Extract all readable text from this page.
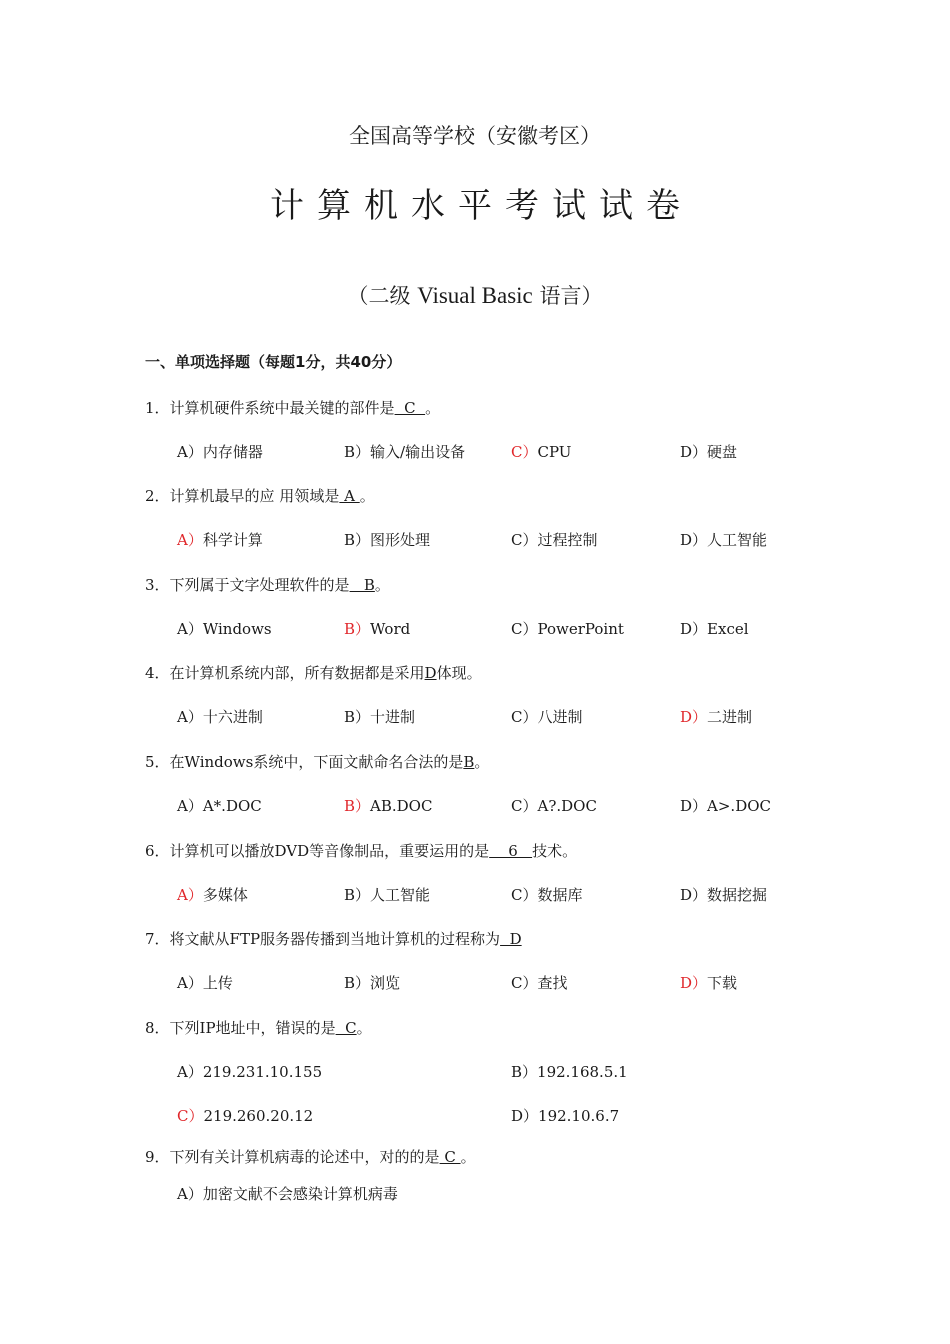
全国高等学校（安徽考区）
计算机水平考试试卷
（二级 Visual Basic 语言）
一、单项选择题（每题1分，共40分）
1．计算机硬件系统中最关键的部件是  C  。
A）内存储器	B）输入/输出设备	C）CPU	D）硬盘
2．计算机最早的应 用领域是 A 。
A）科学计算	B）图形处理	C）过程控制	D）人工智能
3．下列属于文字处理软件的是   B。
A）Windows	B）Word	C）PowerPoint	D）Excel
4．在计算机系统内部，所有数据都是采用D体现。
A）十六进制	B）十进制	C）八进制	D）二进制
5．在Windows系统中，下面文献命名合法的是B。
A）A*.DOC	B）AB.DOC	C）A?.DOC	D）A>.DOC
6．计算机可以播放DVD等音像制品，重要运用的是    6   技术。
A）多媒体	B）人工智能	C）数据库	D）数据挖掘
7．将文献从FTP服务器传播到当地计算机的过程称为  D
A）上传	B）浏览	C）查找	D）下载
8．下列IP地址中，错误的是  C。
A）219.231.10.155	B）192.168.5.1
C）219.260.20.12	D）192.10.6.7
9．下列有关计算机病毒的论述中，对的的是 C 。
A）加密文献不会感染计算机病毒
